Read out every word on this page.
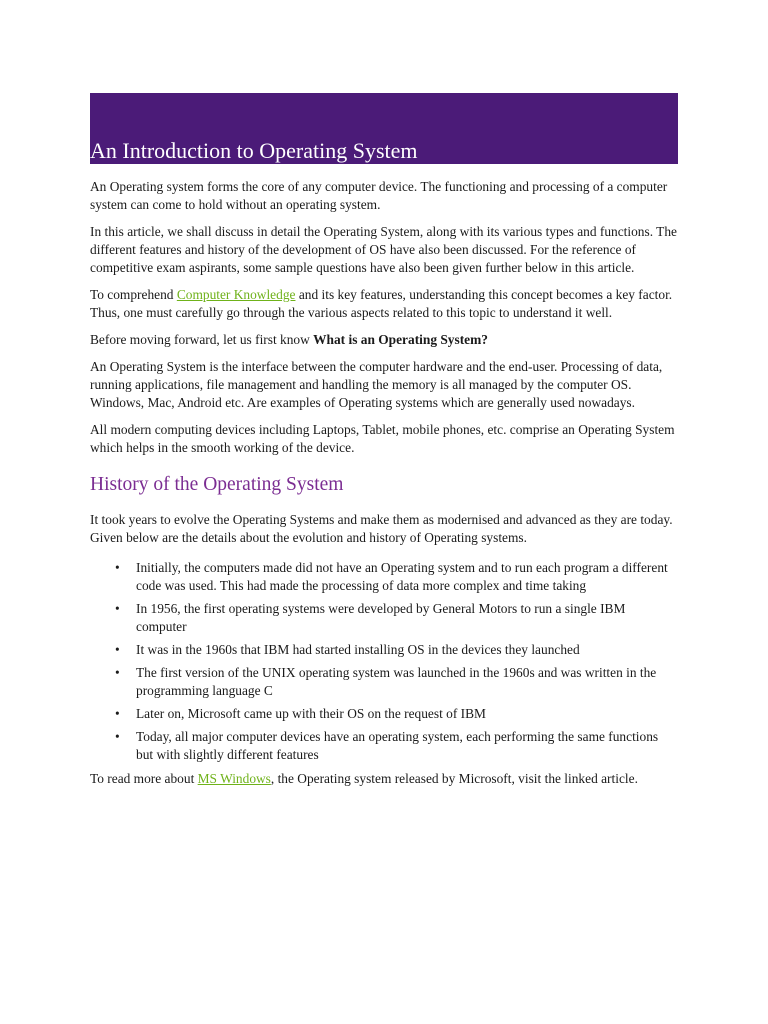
An Introduction to Operating System

An Operating system forms the core of any computer device. The functioning and processing of a computer system can come to hold without an operating system.

In this article, we shall discuss in detail the Operating System, along with its various types and functions. The different features and history of the development of OS have also been discussed. For the reference of competitive exam aspirants, some sample questions have also been given further below in this article.

To comprehend Computer Knowledge and its key features, understanding this concept becomes a key factor. Thus, one must carefully go through the various aspects related to this topic to understand it well.

Before moving forward, let us first know What is an Operating System?

An Operating System is the interface between the computer hardware and the end-user. Processing of data, running applications, file management and handling the memory is all managed by the computer OS. Windows, Mac, Android etc. Are examples of Operating systems which are generally used nowadays.

All modern computing devices including Laptops, Tablet, mobile phones, etc. comprise an Operating System which helps in the smooth working of the device.

History of the Operating System

It took years to evolve the Operating Systems and make them as modernised and advanced as they are today. Given below are the details about the evolution and history of Operating systems.

• Initially, the computers made did not have an Operating system and to run each program a different code was used. This had made the processing of data more complex and time taking
• In 1956, the first operating systems were developed by General Motors to run a single IBM computer
• It was in the 1960s that IBM had started installing OS in the devices they launched
• The first version of the UNIX operating system was launched in the 1960s and was written in the programming language C
• Later on, Microsoft came up with their OS on the request of IBM
• Today, all major computer devices have an operating system, each performing the same functions but with slightly different features

To read more about MS Windows, the Operating system released by Microsoft, visit the linked article.
